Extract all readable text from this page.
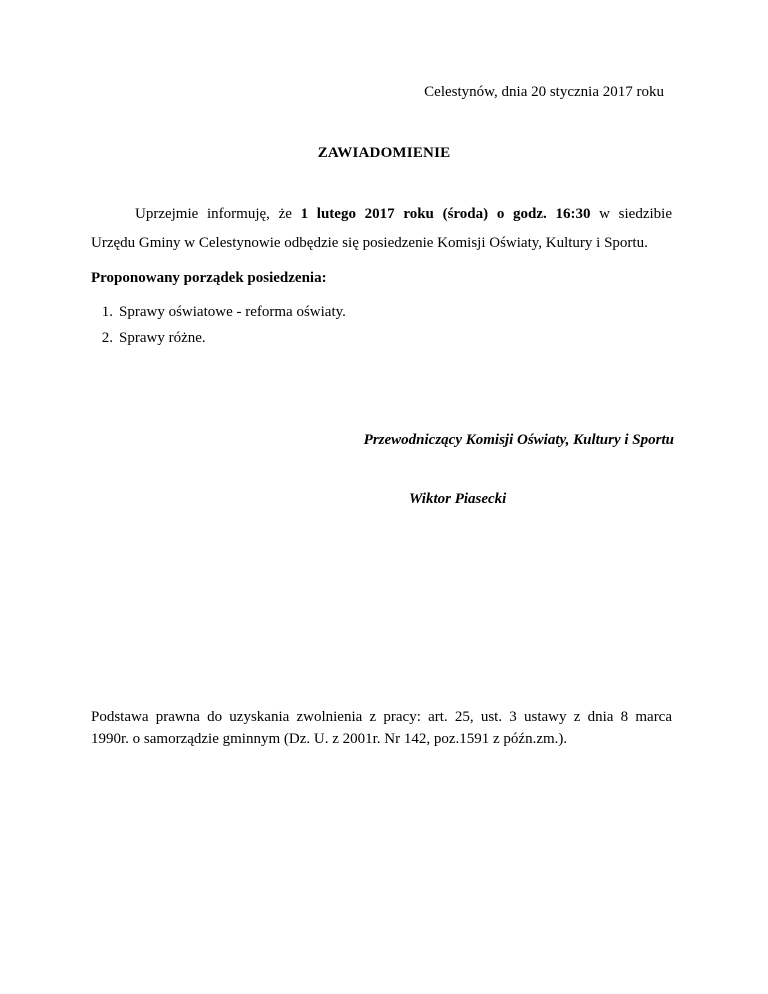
Celestynów, dnia 20 stycznia 2017 roku
ZAWIADOMIENIE
Uprzejmie informuję, że 1 lutego 2017 roku (środa) o godz. 16:30 w siedzibie
Urzędu Gminy w Celestynowie odbędzie się posiedzenie Komisji Oświaty, Kultury i Sportu.
Proponowany porządek posiedzenia:
1. Sprawy oświatowe - reforma oświaty.
2. Sprawy różne.
Przewodniczący Komisji Oświaty, Kultury i Sportu
Wiktor Piasecki
Podstawa prawna do uzyskania zwolnienia z pracy: art. 25, ust. 3 ustawy z dnia 8 marca
1990r. o samorządzie gminnym (Dz. U. z 2001r. Nr 142, poz.1591 z późn.zm.).
